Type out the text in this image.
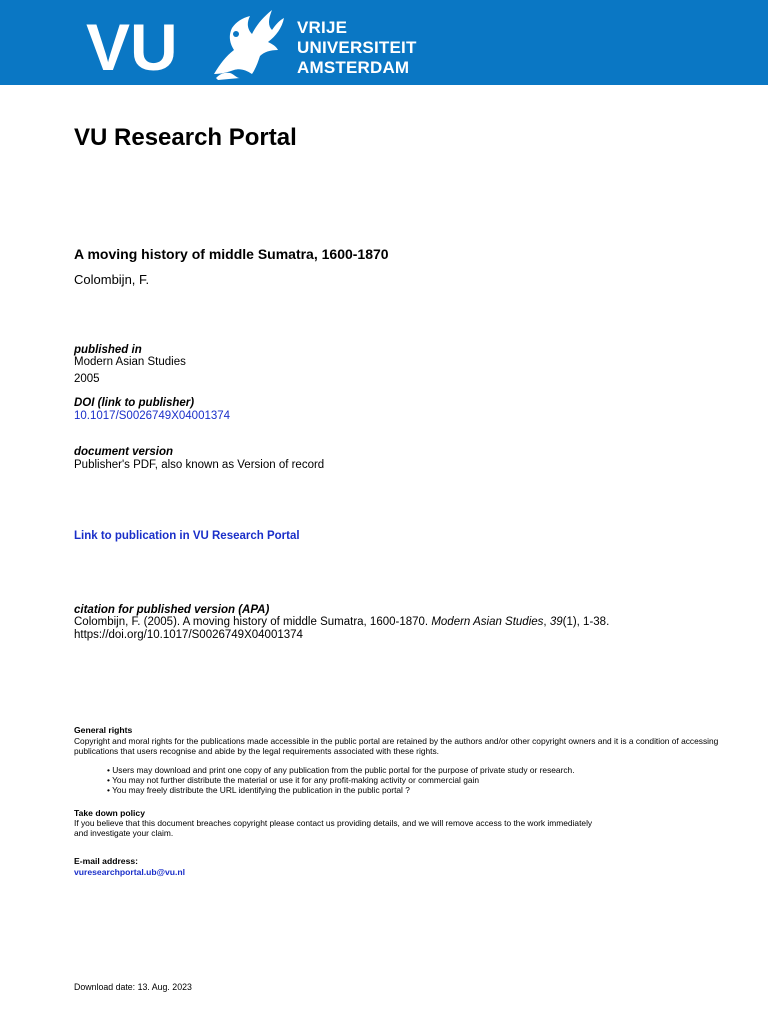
VU	VRIJE
UNIVERSITEIT
AMSTERDAM
VU Research Portal
A moving history of middle Sumatra, 1600-1870
Colombijn, F.
published in
Modern Asian Studies
2005
DOI (link to publisher)
10.1017/S0026749X04001374
document version
Publisher's PDF, also known as Version of record
Link to publication in VU Research Portal
citation for published version (APA)
Colombijn, F. (2005). A moving history of middle Sumatra, 1600-1870. Modern Asian Studies, 39(1), 1-38.
https://doi.org/10.1017/S0026749X04001374
General rights
Copyright and moral rights for the publications made accessible in the public portal are retained by the authors and/or other copyright owners and it is a condition of accessing publications that users recognise and abide by the legal requirements associated with these rights.
• Users may download and print one copy of any publication from the public portal for the purpose of private study or research.
• You may not further distribute the material or use it for any profit-making activity or commercial gain
• You may freely distribute the URL identifying the publication in the public portal ?
Take down policy
If you believe that this document breaches copyright please contact us providing details, and we will remove access to the work immediately
and investigate your claim.
E-mail address:
vuresearchportal.ub@vu.nl
Download date: 13. Aug. 2023
